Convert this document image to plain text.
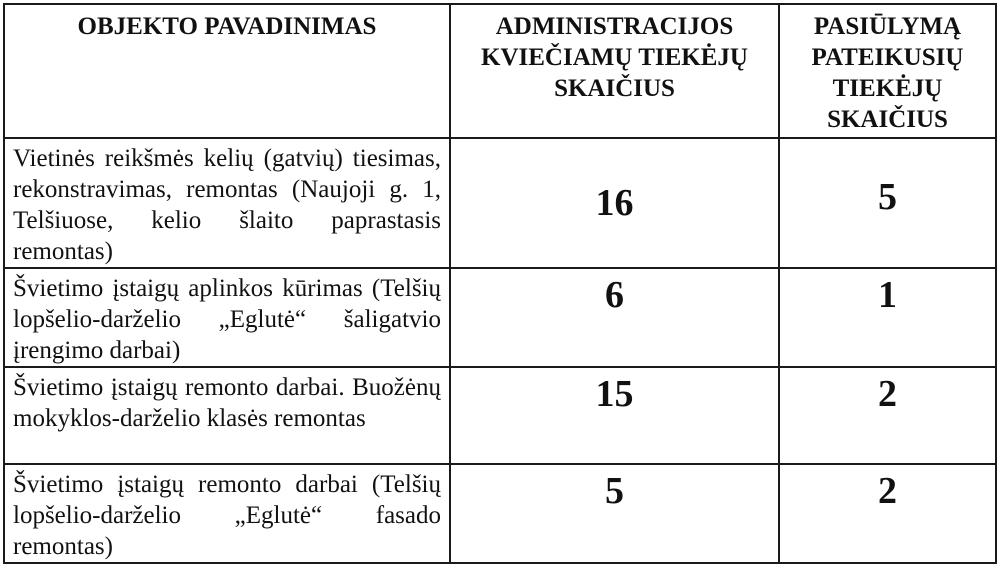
OBJEKTO PAVADINIMAS	ADMINISTRACIJOS KVIEČIAMŲ TIEKĖJŲ SKAIČIUS	PASIŪLYMĄ PATEIKUSIŲ TIEKĖJŲ SKAIČIUS
Vietinės reikšmės kelių (gatvių) tiesimas, rekonstravimas, remontas (Naujoji g. 1, Telšiuose, kelio šlaito paprastasis remontas)	16	5
Švietimo įstaigų aplinkos kūrimas (Telšių lopšelio-darželio „Eglutė“ šaligatvio įrengimo darbai)	6	1
Švietimo įstaigų remonto darbai. Buožėnų mokyklos-darželio klasės remontas	15	2
Švietimo įstaigų remonto darbai (Telšių lopšelio-darželio „Eglutė“ fasado remontas)	5	2
